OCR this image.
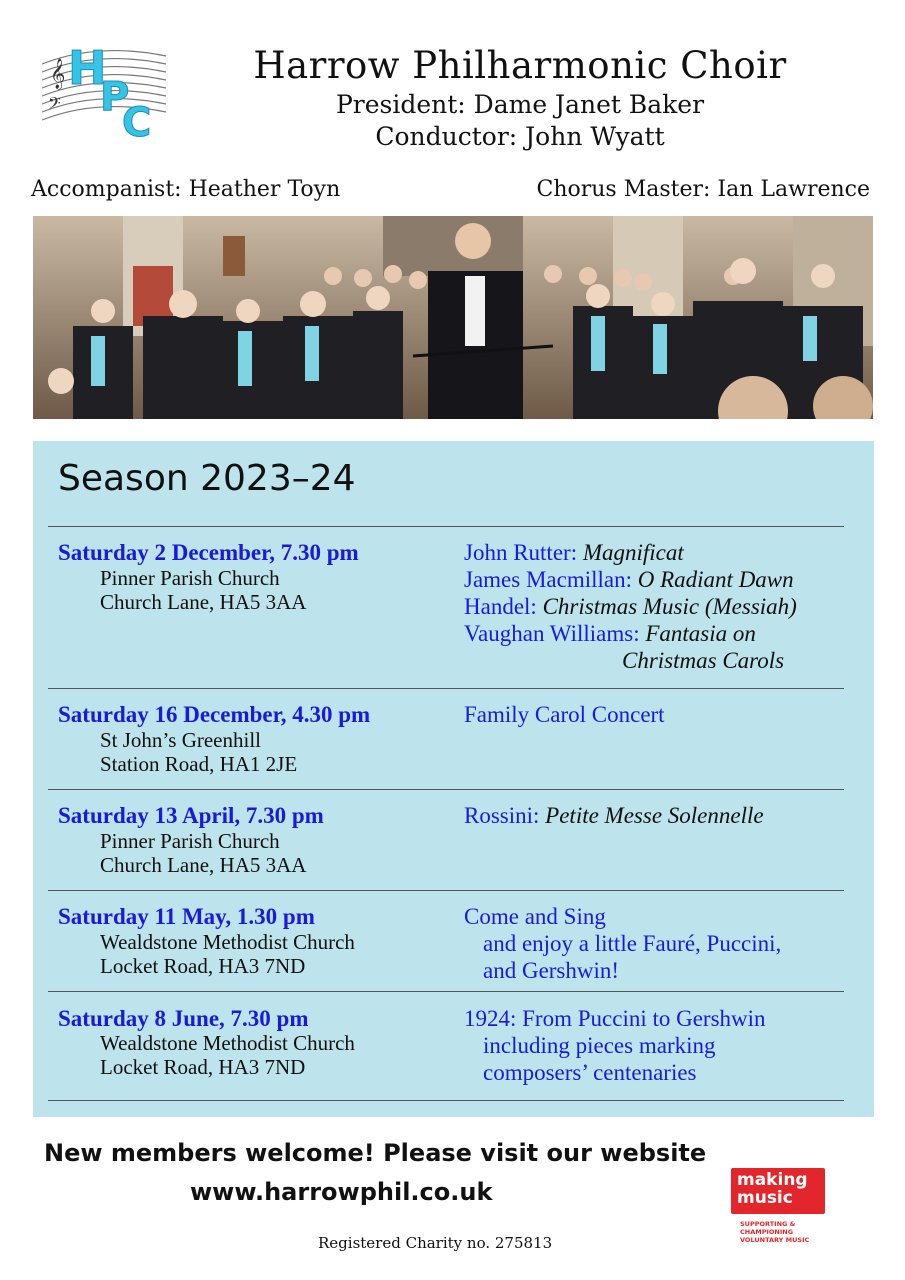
𝄞
𝄢
H
P
C
Harrow Philharmonic Choir
President: Dame Janet Baker
Conductor: John Wyatt
Accompanist: Heather Toyn	Chorus Master: Ian Lawrence
Season 2023–24
Saturday 2 December, 7.30 pm
Pinner Parish Church
Church Lane, HA5 3AA
John Rutter: Magnificat
James Macmillan: O Radiant Dawn
Handel: Christmas Music (Messiah)
Vaughan Williams: Fantasia on
Christmas Carols
Saturday 16 December, 4.30 pm
St John’s Greenhill
Station Road, HA1 2JE
Family Carol Concert
Saturday 13 April, 7.30 pm
Pinner Parish Church
Church Lane, HA5 3AA
Rossini: Petite Messe Solennelle
Saturday 11 May, 1.30 pm
Wealdstone Methodist Church
Locket Road, HA3 7ND
Come and Sing
and enjoy a little Fauré, Puccini,
and Gershwin!
Saturday 8 June, 7.30 pm
Wealdstone Methodist Church
Locket Road, HA3 7ND
1924: From Puccini to Gershwin
including pieces marking
composers’ centenaries
New members welcome! Please visit our website
www.harrowphil.co.uk
Registered Charity no. 275813
making
music
SUPPORTING &
CHAMPIONING
VOLUNTARY MUSIC
